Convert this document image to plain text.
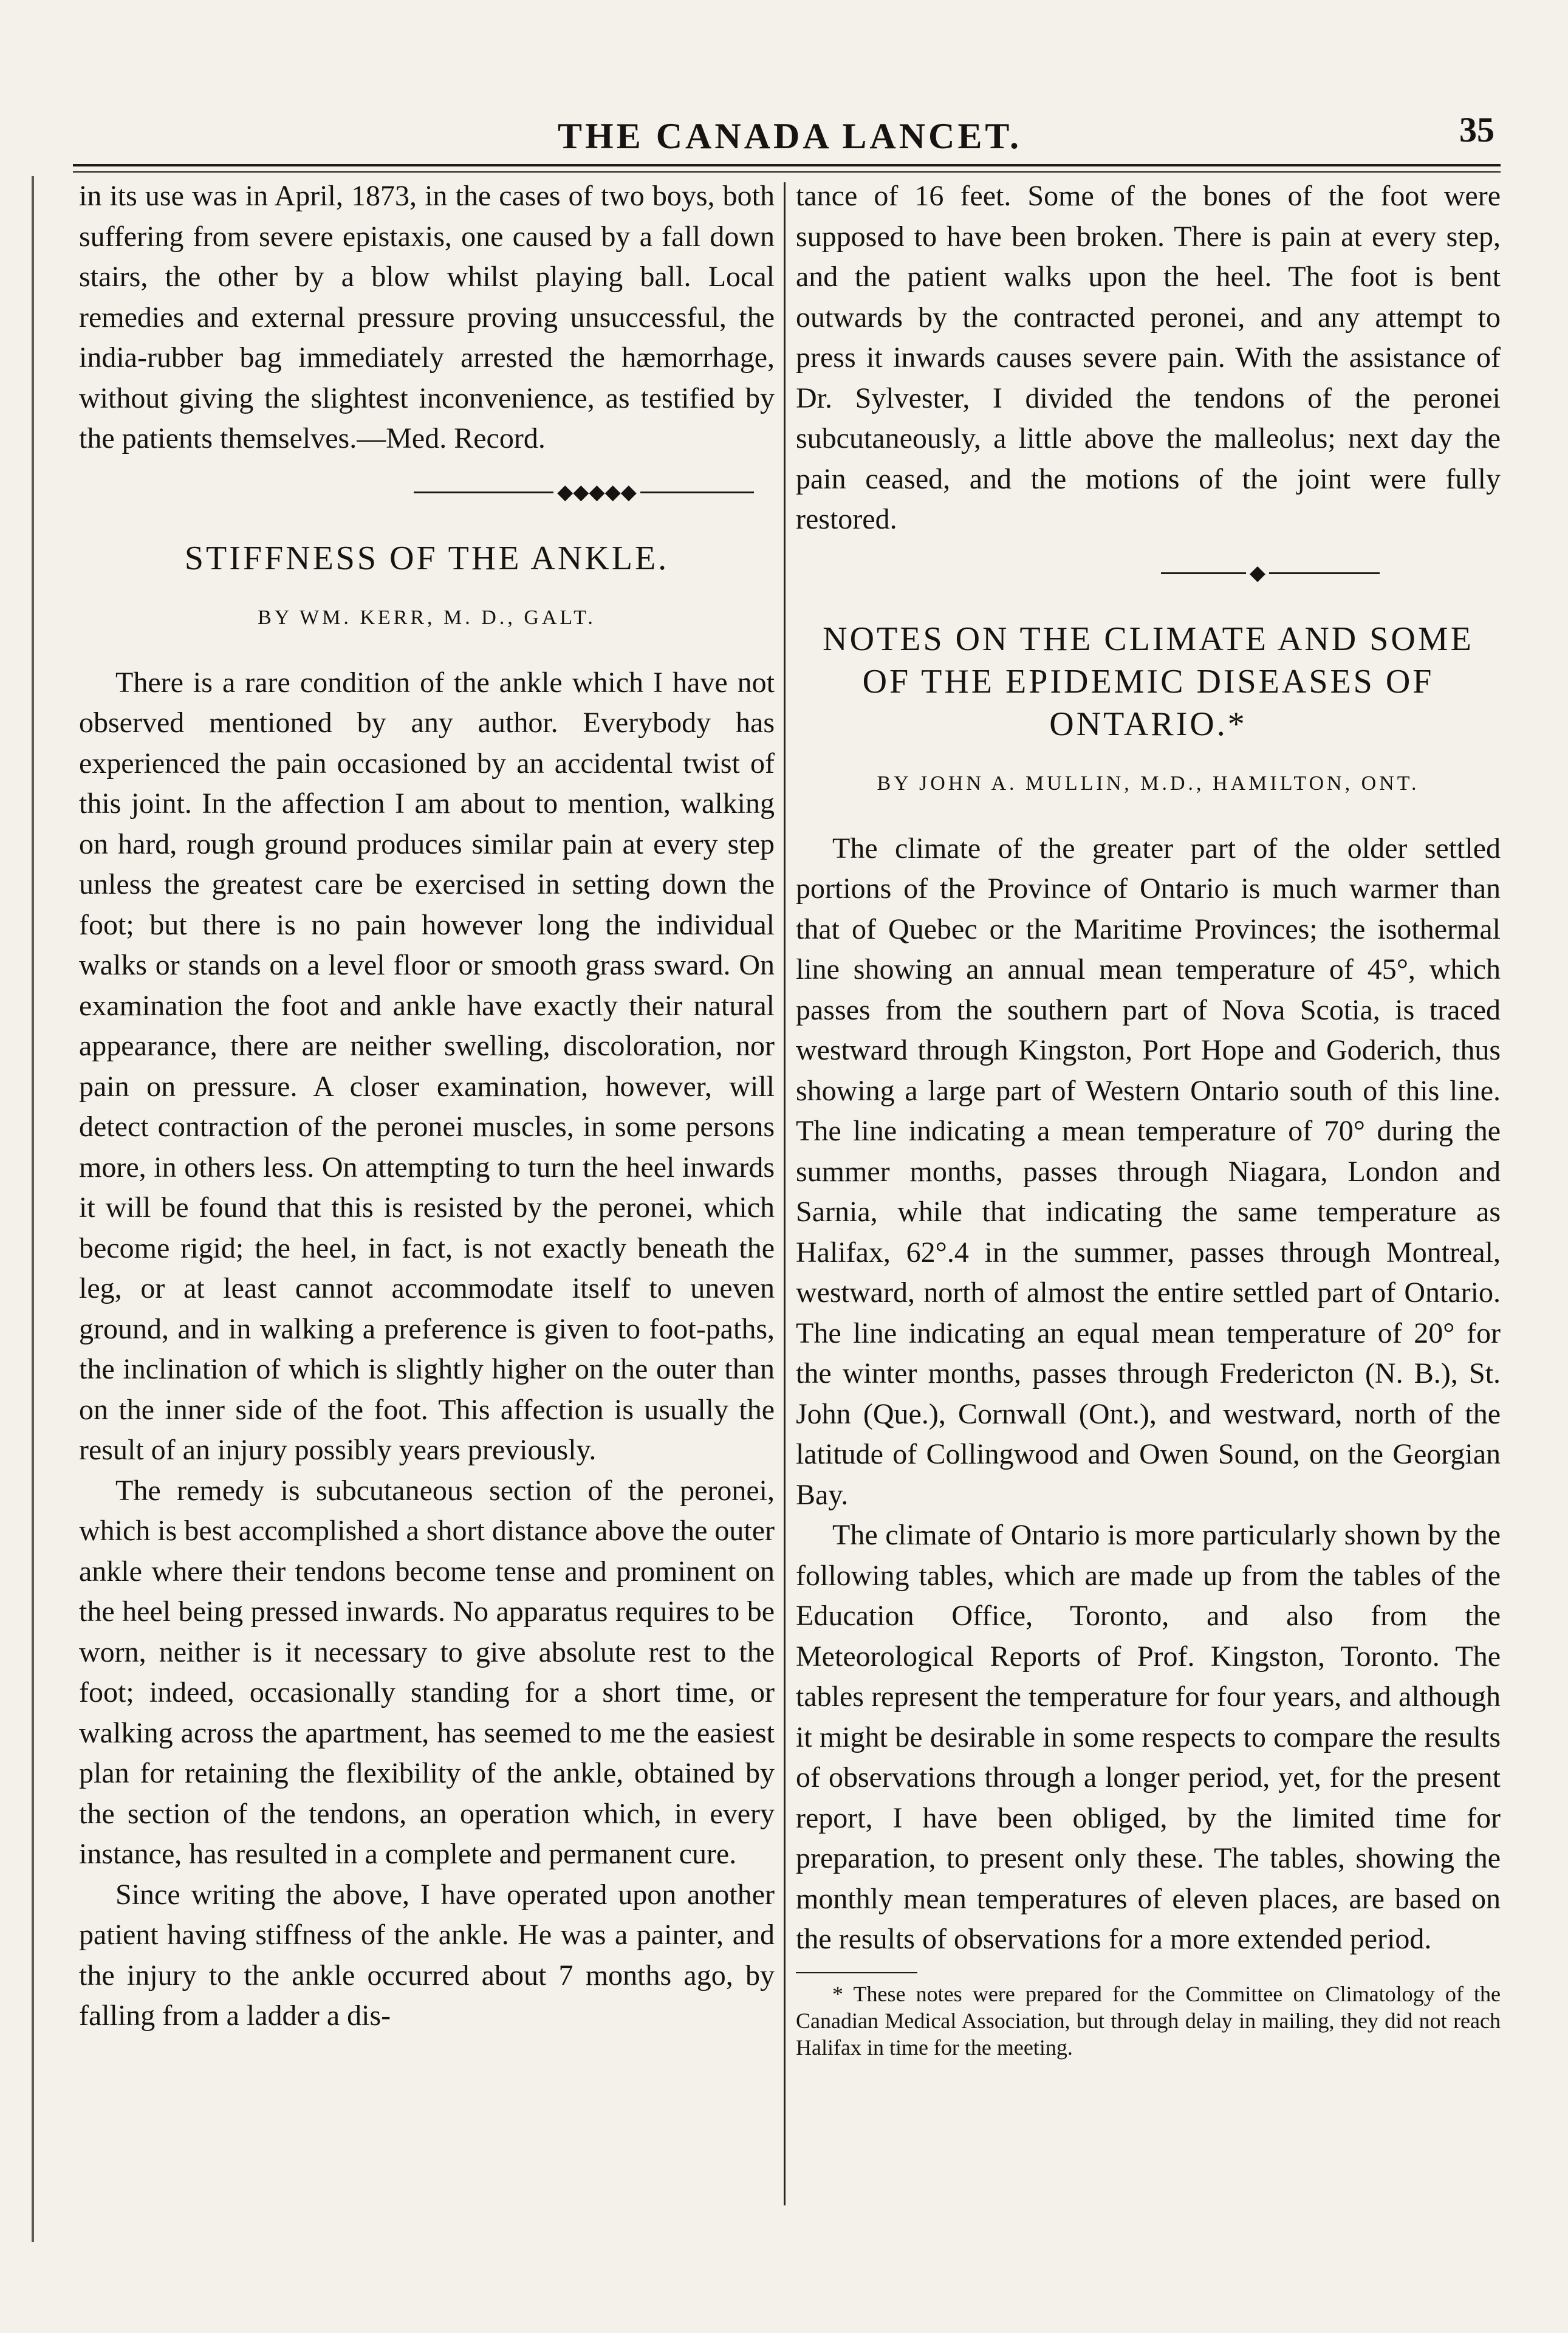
THE CANADA LANCET.	35

in its use was in April, 1873, in the cases of two boys, both suffering from severe epistaxis, one caused by a fall down stairs, the other by a blow whilst playing ball. Local remedies and external pressure proving unsuccessful, the india-rubber bag immediately arrested the hæmorrhage, without giving the slightest inconvenience, as testified by the patients themselves.—Med. Record.

◆◆◆◆◆
STIFFNESS OF THE ANKLE.
BY WM. KERR, M. D., GALT.

There is a rare condition of the ankle which I have not observed mentioned by any author. Everybody has experienced the pain occasioned by an accidental twist of this joint. In the affection I am about to mention, walking on hard, rough ground produces similar pain at every step unless the greatest care be exercised in setting down the foot; but there is no pain however long the individual walks or stands on a level floor or smooth grass sward. On examination the foot and ankle have exactly their natural appearance, there are neither swelling, discoloration, nor pain on pressure. A closer examination, however, will detect contraction of the peronei muscles, in some persons more, in others less. On attempting to turn the heel inwards it will be found that this is resisted by the peronei, which become rigid; the heel, in fact, is not exactly beneath the leg, or at least cannot accommodate itself to uneven ground, and in walking a preference is given to foot-paths, the inclination of which is slightly higher on the outer than on the inner side of the foot. This affection is usually the result of an injury possibly years previously.

The remedy is subcutaneous section of the peronei, which is best accomplished a short distance above the outer ankle where their tendons become tense and prominent on the heel being pressed inwards. No apparatus requires to be worn, neither is it necessary to give absolute rest to the foot; indeed, occasionally standing for a short time, or walking across the apartment, has seemed to me the easiest plan for retaining the flexibility of the ankle, obtained by the section of the tendons, an operation which, in every instance, has resulted in a complete and permanent cure.

Since writing the above, I have operated upon another patient having stiffness of the ankle. He was a painter, and the injury to the ankle occurred about 7 months ago, by falling from a ladder a dis-

tance of 16 feet. Some of the bones of the foot were supposed to have been broken. There is pain at every step, and the patient walks upon the heel. The foot is bent outwards by the contracted peronei, and any attempt to press it inwards causes severe pain. With the assistance of Dr. Sylvester, I divided the tendons of the peronei subcutaneously, a little above the malleolus; next day the pain ceased, and the motions of the joint were fully restored.

◆
NOTES ON THE CLIMATE AND SOME OF THE EPIDEMIC DISEASES OF ONTARIO.*
BY JOHN A. MULLIN, M.D., HAMILTON, ONT.

The climate of the greater part of the older settled portions of the Province of Ontario is much warmer than that of Quebec or the Maritime Provinces; the isothermal line showing an annual mean temperature of 45°, which passes from the southern part of Nova Scotia, is traced westward through Kingston, Port Hope and Goderich, thus showing a large part of Western Ontario south of this line. The line indicating a mean temperature of 70° during the summer months, passes through Niagara, London and Sarnia, while that indicating the same temperature as Halifax, 62°.4 in the summer, passes through Montreal, westward, north of almost the entire settled part of Ontario. The line indicating an equal mean temperature of 20° for the winter months, passes through Fredericton (N. B.), St. John (Que.), Cornwall (Ont.), and westward, north of the latitude of Collingwood and Owen Sound, on the Georgian Bay.

The climate of Ontario is more particularly shown by the following tables, which are made up from the tables of the Education Office, Toronto, and also from the Meteorological Reports of Prof. Kingston, Toronto. The tables represent the temperature for four years, and although it might be desirable in some respects to compare the results of observations through a longer period, yet, for the present report, I have been obliged, by the limited time for preparation, to present only these. The tables, showing the monthly mean temperatures of eleven places, are based on the results of observations for a more extended period.

* These notes were prepared for the Committee on Climatology of the Canadian Medical Association, but through delay in mailing, they did not reach Halifax in time for the meeting.
